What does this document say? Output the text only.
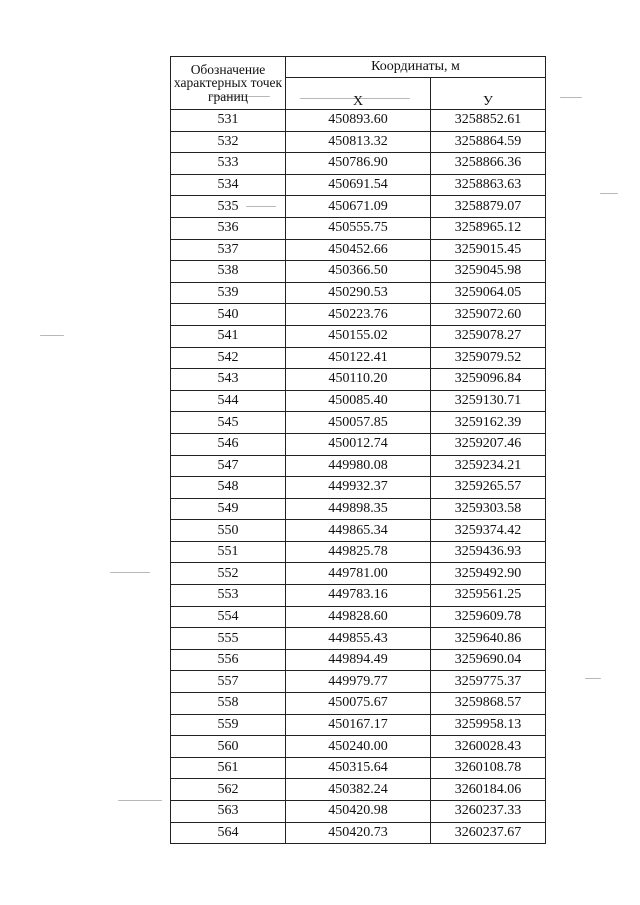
Обозначение характерных точек границ	Координаты, м	
	X	У
531	450893.60	3258852.61
532	450813.32	3258864.59
533	450786.90	3258866.36
534	450691.54	3258863.63
535	450671.09	3258879.07
536	450555.75	3258965.12
537	450452.66	3259015.45
538	450366.50	3259045.98
539	450290.53	3259064.05
540	450223.76	3259072.60
541	450155.02	3259078.27
542	450122.41	3259079.52
543	450110.20	3259096.84
544	450085.40	3259130.71
545	450057.85	3259162.39
546	450012.74	3259207.46
547	449980.08	3259234.21
548	449932.37	3259265.57
549	449898.35	3259303.58
550	449865.34	3259374.42
551	449825.78	3259436.93
552	449781.00	3259492.90
553	449783.16	3259561.25
554	449828.60	3259609.78
555	449855.43	3259640.86
556	449894.49	3259690.04
557	449979.77	3259775.37
558	450075.67	3259868.57
559	450167.17	3259958.13
560	450240.00	3260028.43
561	450315.64	3260108.78
562	450382.24	3260184.06
563	450420.98	3260237.33
564	450420.73	3260237.67
